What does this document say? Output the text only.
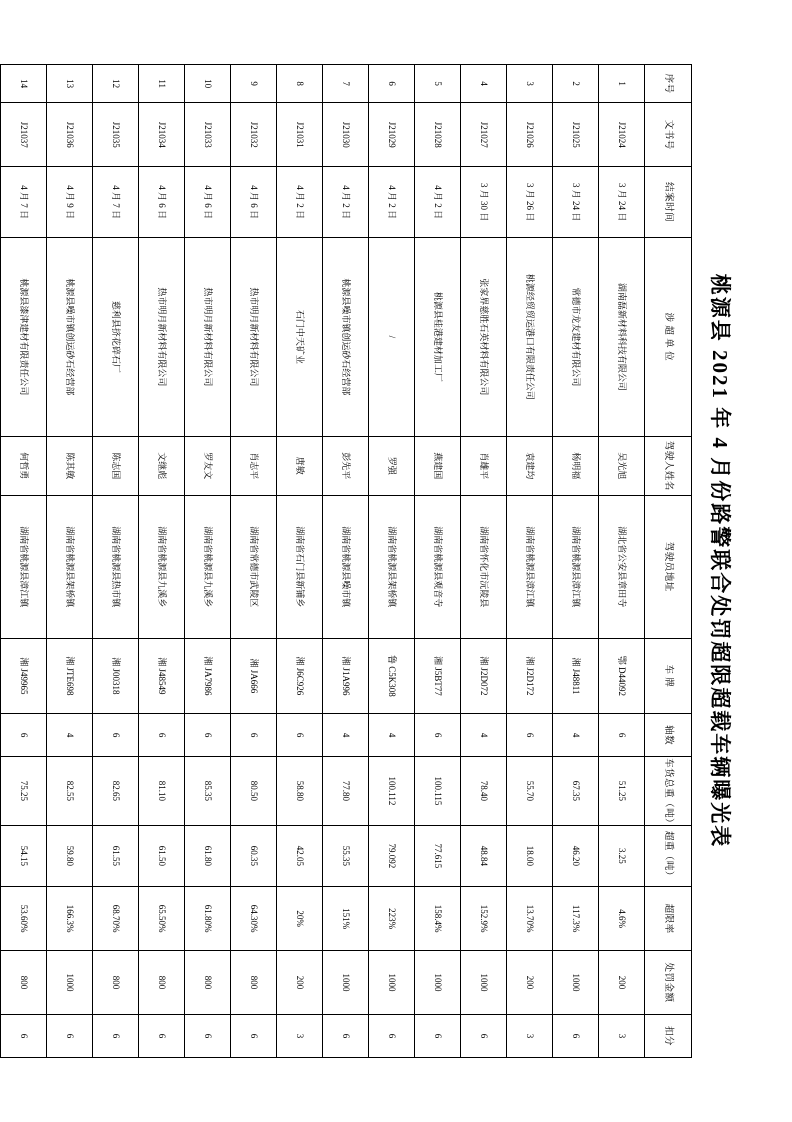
桃源县 2021 年 4 月份路警联合处罚超限超载车辆曝光表
序号	文书号	结案时间	涉 超 单 位	驾驶人姓名	驾驶员地址	车 牌	轴数	车货总重（吨）	超重（吨）	超限率	处罚金额	扣分
1	J21024	3 月 24 日	湖南磊新材料科技有限公司	吴光旭	湖北省公安县章田寺	鄂 D44092	6	51.25	3.25	4.6%	200	3
2	J21025	3 月 24 日	常德市龙友建材有限公司	杨明福	湖南省桃源县漳江镇	湘 J48811	4	67.35	46.20	117.3%	1000	6
3	J21026	3 月 26 日	桃源经贸贸运港口有限责任公司	袁建均	湖南省桃源县漳江镇	湘 J2D172	6	55.70	18.00	13.70%	200	3
4	J21027	3 月 30 日	张家界慈胜石英材料有限公司	肖雄平	湖南省怀化市沅陵县	湘 J2D072	4	78.40	48.84	152.9%	1000	6
5	J21028	4 月 2 日	桃源县桂港建材加工厂	燕建国	湖南省桃源县观音寺	湘 J5BT77	6	100.115	77.615	158.4%	1000	6
6	J21029	4 月 2 日	/	罗强	湖南省桃源县架桥镇	鲁 C5K308	4	100.112	79.092	223%	1000	6
7	J21030	4 月 2 日	桃源县噪市镇创运砂石经营部	彭先平	湖南省桃源县噪市镇	湘 J1A996	4	77.80	55.35	151%	1000	6
8	J21031	4 月 2 日	石门中天矿业	唐敏	湖南省石门县新铺乡	湘 J6C926	6	58.80	42.05	20%	200	3
9	J21032	4 月 6 日	热市明月新材料有限公司	肖志平	湖南省常德市武陵区	湘 JA666	6	80.50	60.35	64.30%	800	6
10	J21033	4 月 6 日	热市明月新材料有限公司	罗友文	湖南省桃源县九溪乡	湘 JA7986	6	85.35	61.80	61.80%	800	6
11	J21034	4 月 6 日	热市明月新材料有限公司	文继彪	湖南省桃源县九溪乡	湘 J48549	6	81.10	61.50	65.50%	800	6
12	J21035	4 月 7 日	慈利县挤花碎石厂	陈志国	湖南省桃源县热市镇	湘 J00318	6	82.65	61.55	68.70%	800	6
13	J21036	4 月 9 日	桃源县噪市镇创运砂石经营部	陈其敏	湖南省桃源县架桥镇	湘 JTE698	4	82.55	59.80	166.3%	1000	6
14	J21037	4 月 7 日	桃源县漆津建材有限责任公司	何哲勇	湖南省桃源县漳江镇	湘 J49965	6	75.25	54.15	53.60%	800	6
